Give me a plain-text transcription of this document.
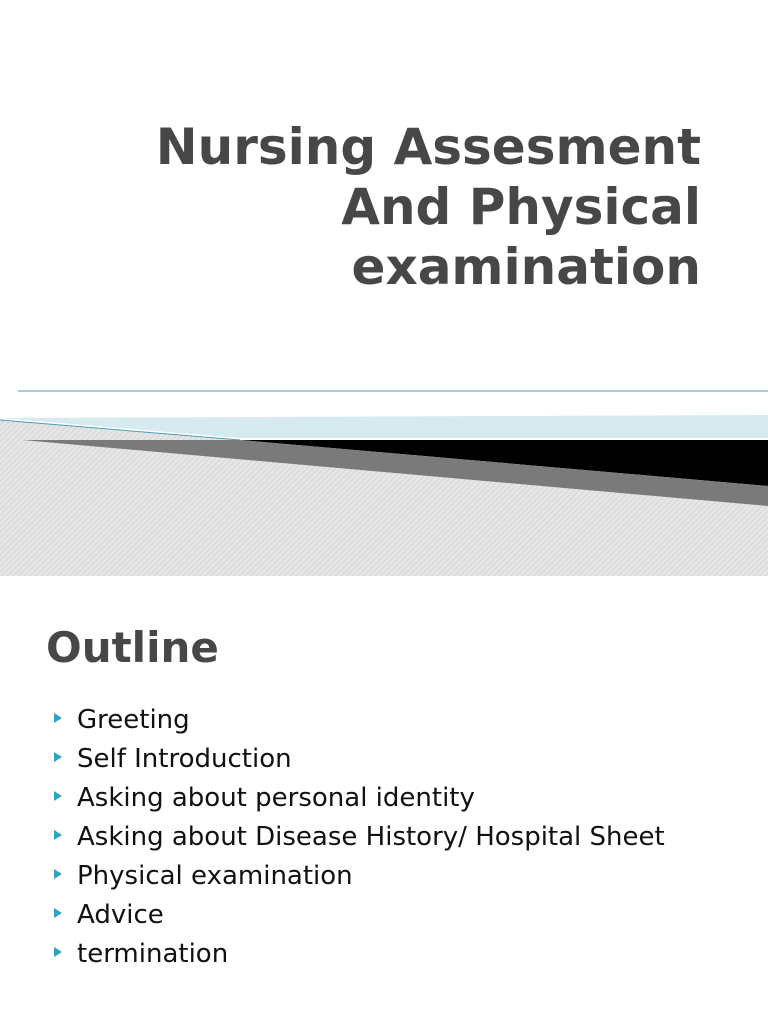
Nursing Assesment
And Physical
examination
Outline
Greeting
Self Introduction
Asking about personal identity
Asking about Disease History/ Hospital Sheet
Physical examination
Advice
termination
